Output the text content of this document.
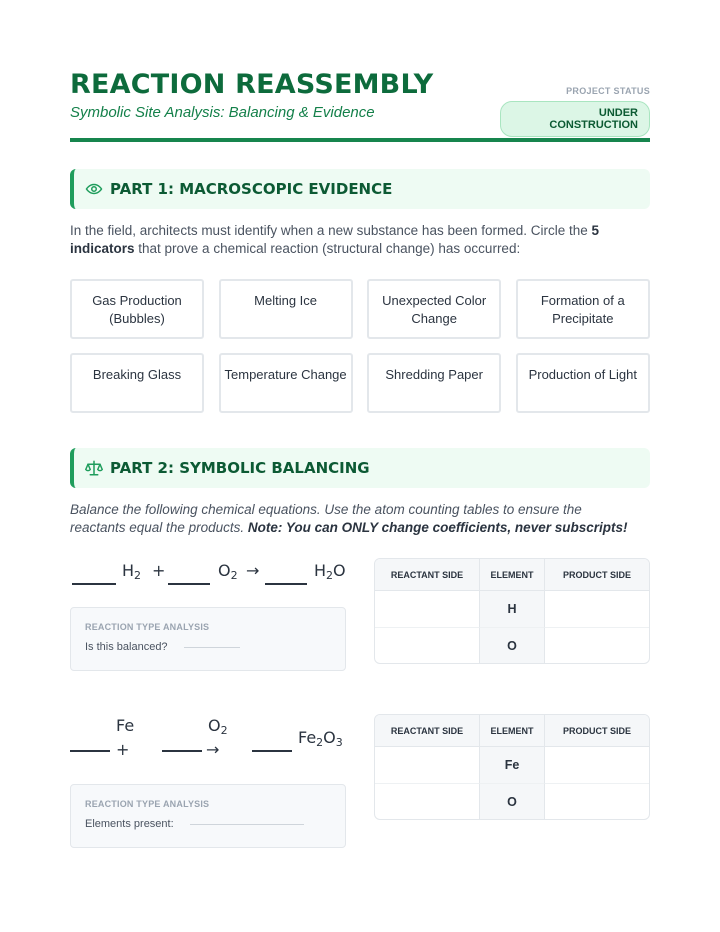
REACTION REASSEMBLY
Symbolic Site Analysis: Balancing & Evidence
PROJECT STATUS
UNDER CONSTRUCTION
PART 1: MACROSCOPIC EVIDENCE
In the field, architects must identify when a new substance has been formed. Circle the 5 indicators that prove a chemical reaction (structural change) has occurred:
Gas Production (Bubbles)
Melting Ice	Unexpected Color Change
Formation of a Precipitate
Breaking Glass	Temperature Change	Shredding Paper	Production of Light
PART 2: SYMBOLIC BALANCING
Balance the following chemical equations. Use the atom counting tables to ensure the reactants equal the products. Note: You can ONLY change coefficients, never subscripts!
$H_2$ +	$O_2$ →	$H_2O$
REACTION TYPE ANALYSIS
Is this balanced?
REACTANT SIDE	ELEMENT	PRODUCT SIDE
	H	
	O	
Fe
+
$O_2$
→
$Fe_2O_3$
REACTION TYPE ANALYSIS
Elements present:
REACTANT SIDE	ELEMENT	PRODUCT SIDE
	Fe	
	O	
